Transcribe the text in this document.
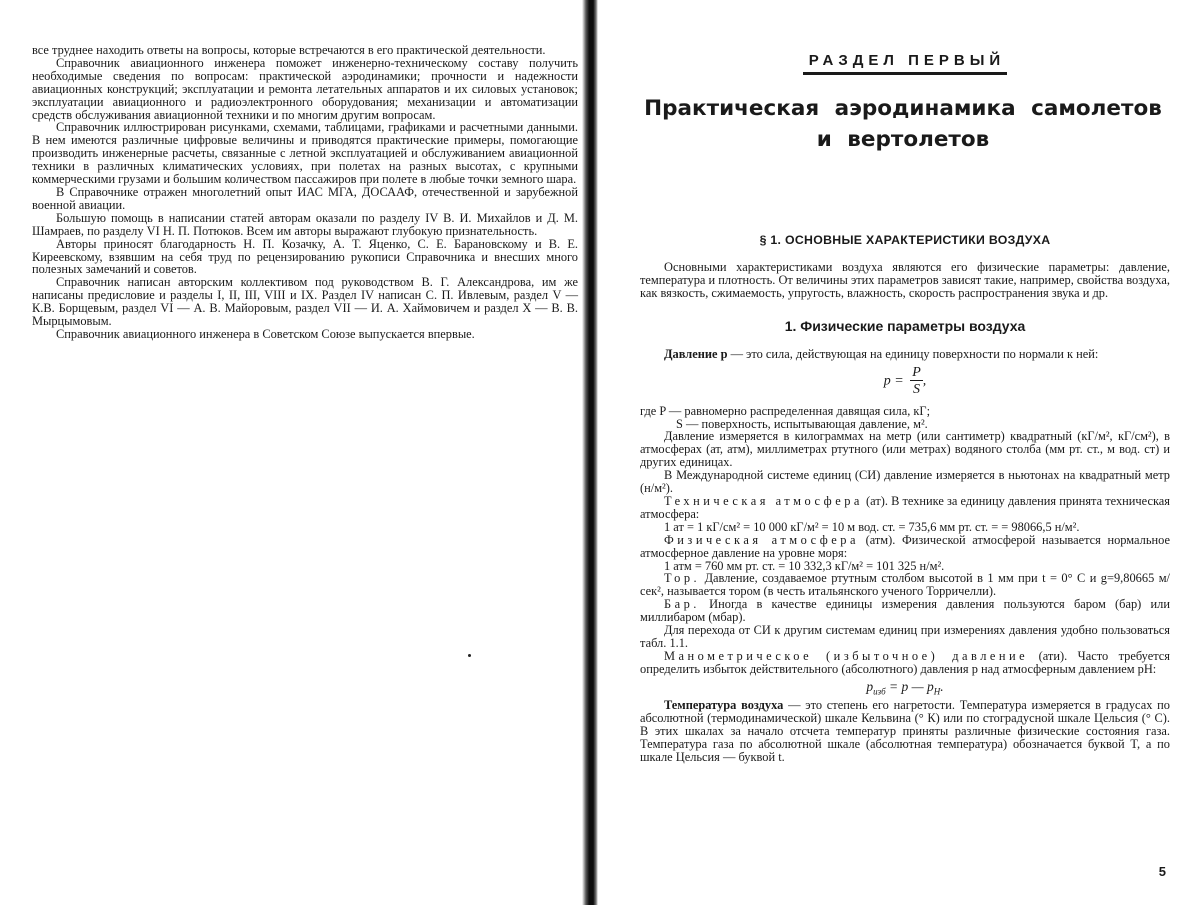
все труднее находить ответы на вопросы, которые встречаются в его практической деятельности.

Справочник авиационного инженера поможет инженерно-техническому составу получить необходимые сведения по вопросам: практической аэродинамики; прочности и надежности авиационных конструкций; эксплуатации и ремонта летательных аппаратов и их силовых установок; эксплуатации авиационного и радиоэлектронного оборудования; механизации и автоматизации средств обслуживания авиационной техники и по многим другим вопросам.

Справочник иллюстрирован рисунками, схемами, таблицами, графиками и расчетными данными. В нем имеются различные цифровые величины и приводятся практические примеры, помогающие производить инженерные расчеты, связанные с летной эксплуатацией и обслуживанием авиационной техники в различных климатических условиях, при полетах на разных высотах, с крупными коммерческими грузами и большим количеством пассажиров при полете в любые точки земного шара.

В Справочнике отражен многолетний опыт ИАС МГА, ДОСААФ, отечественной и зарубежной военной авиации.

Большую помощь в написании статей авторам оказали по разделу IV В. И. Михайлов и Д. М. Шамраев, по разделу VI Н. П. Потюков. Всем им авторы выражают глубокую признательность.

Авторы приносят благодарность Н. П. Козачку, А. Т. Яценко, С. Е. Барановскому и В. Е. Киреевскому, взявшим на себя труд по рецензированию рукописи Справочника и внесших много полезных замечаний и советов.

Справочник написан авторским коллективом под руководством В. Г. Александрова, им же написаны предисловие и разделы I, II, III, VIII и IX. Раздел IV написан С. П. Ивлевым, раздел V — К.В. Борщевым, раздел VI — А. В. Майоровым, раздел VII — И. А. Хаймовичем и раздел X — В. В. Мырцымовым.

Справочник авиационного инженера в Советском Союзе выпускается впервые.

РАЗДЕЛ ПЕРВЫЙ
Практическая аэродинамика самолетов
и вертолетов
§ 1. ОСНОВНЫЕ ХАРАКТЕРИСТИКИ ВОЗДУХА

Основными характеристиками воздуха являются его физические параметры: давление, температура и плотность. От величины этих параметров зависят такие, например, свойства воздуха, как вязкость, сжимаемость, упругость, влажность, скорость распространения звука и др.

1. Физические параметры воздуха

Давление p — это сила, действующая на единицу поверхности по нормали к ней:

$p = \frac{P}{S}$ ,

где P — равномерно распределенная давящая сила, кГ;

S — поверхность, испытывающая давление, м².

Давление измеряется в килограммах на метр (или сантиметр) квадратный (кГ/м², кГ/см²), в атмосферах (ат, атм), миллиметрах ртутного (или метрах) водяного столба (мм рт. ст., м вод. ст) и других единицах.

В Международной системе единиц (СИ) давление измеряется в ньютонах на квадратный метр (н/м²).

Техническая атмосфера (ат). В технике за единицу давления принята техническая атмосфера:

1 ат = 1 кГ/см² = 10 000 кГ/м² = 10 м вод. ст. = 735,6 мм рт. ст. = = 98066,5 н/м².

Физическая атмосфера (атм). Физической атмосферой называется нормальное атмосферное давление на уровне моря:

1 атм = 760 мм рт. ст. = 10 332,3 кГ/м² = 101 325 н/м².

Тор. Давление, создаваемое ртутным столбом высотой в 1 мм при t = 0° С и g=9,80665 м/сек², называется тором (в честь итальянского ученого Торричелли).

Бар. Иногда в качестве единицы измерения давления пользуются баром (бар) или миллибаром (мбар).

Для перехода от СИ к другим системам единиц при измерениях давления удобно пользоваться табл. 1.1.

Манометрическое (избыточное) давление (ати). Часто требуется определить избыток действительного (абсолютного) давления p над атмосферным давлением pH:

$p_{изб} = p$ — $p_H$.

Температура воздуха — это степень его нагретости. Температура измеряется в градусах по абсолютной (термодинамической) шкале Кельвина (° К) или по стоградусной шкале Цельсия (° С). В этих шкалах за начало отсчета температур приняты различные физические состояния газа. Температура газа по абсолютной шкале (абсолютная температура) обозначается буквой T, а по шкале Цельсия — буквой t.

5
